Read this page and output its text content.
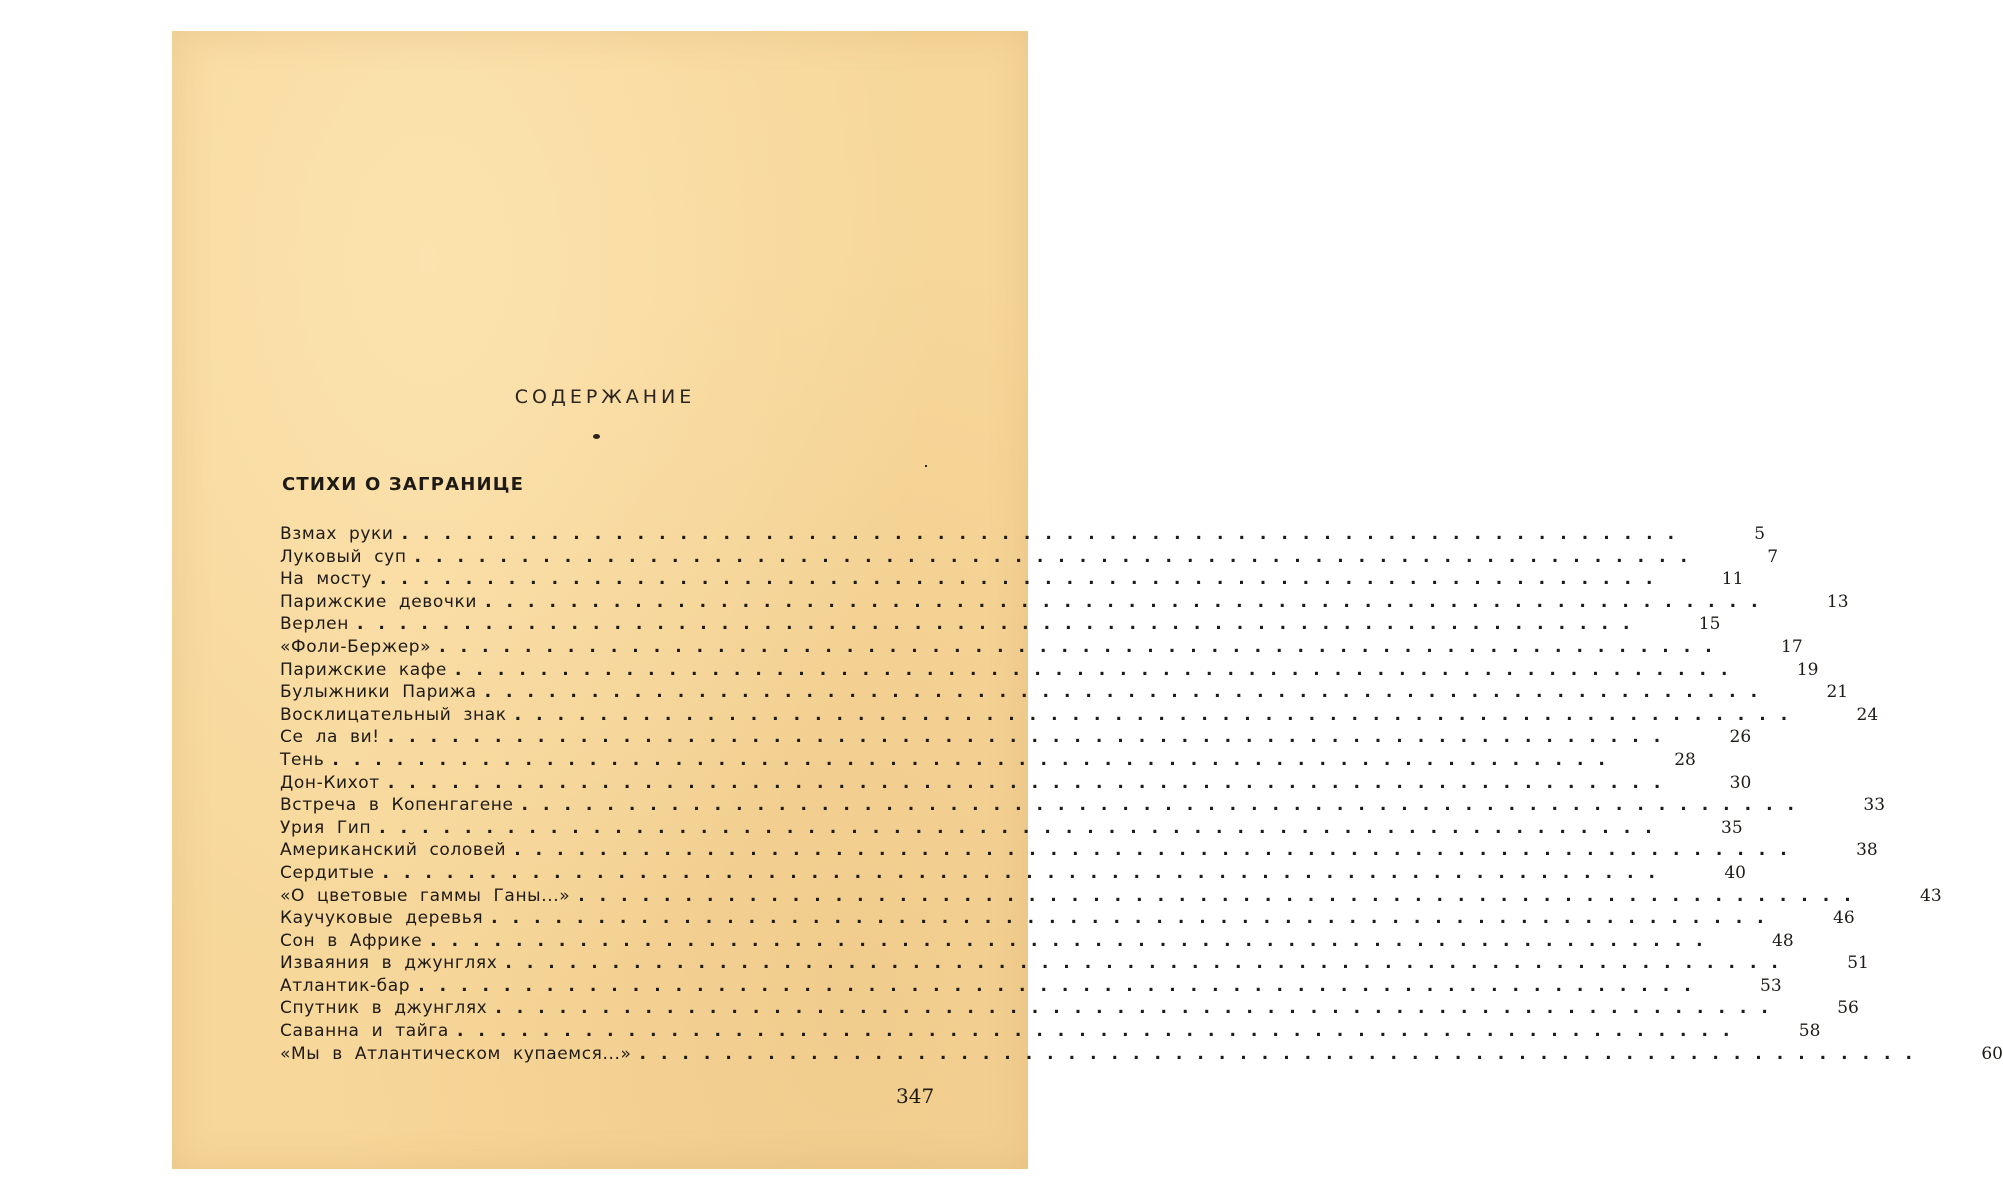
СОДЕРЖАНИЕ
СТИХИ О ЗАГРАНИЦЕ
Взмах руки ............................................................	5
Луковый суп ............................................................	7
На мосту ............................................................	11
Парижские девочки ............................................................	13
Верлен ............................................................	15
«Фоли-Бержер» ............................................................	17
Парижские кафе ............................................................	19
Булыжники Парижа ............................................................	21
Восклицательный знак ............................................................	24
Се ла ви! ............................................................	26
Тень ............................................................	28
Дон-Кихот ............................................................	30
Встреча в Копенгагене ............................................................	33
Урия Гип ............................................................	35
Американский соловей ............................................................	38
Сердитые ............................................................	40
«О цветовые гаммы Ганы...» ............................................................	43
Каучуковые деревья ............................................................	46
Сон в Африке ............................................................	48
Изваяния в джунглях ............................................................	51
Атлантик-бар ............................................................	53
Спутник в джунглях ............................................................	56
Саванна и тайга ............................................................	58
«Мы в Атлантическом купаемся...» ............................................................	60
347
